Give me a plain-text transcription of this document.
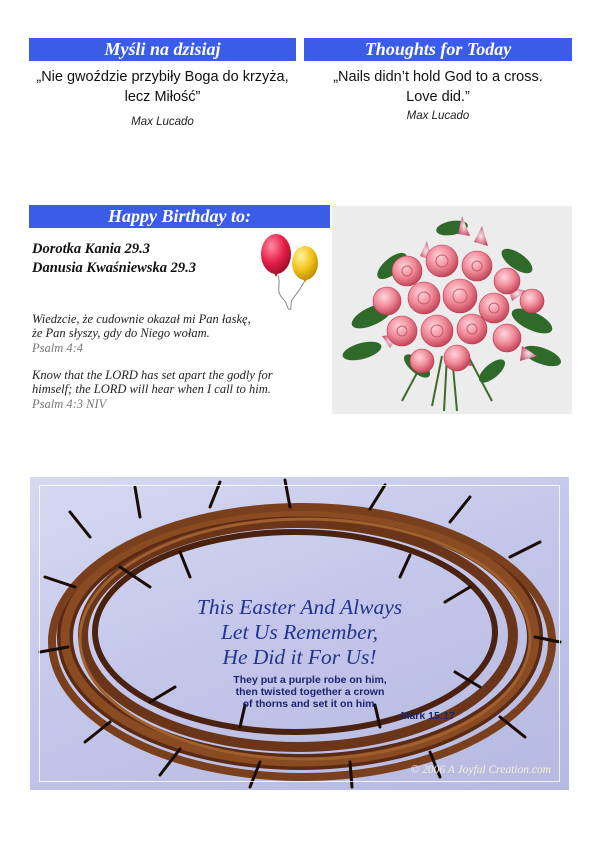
Myśli na dzisiaj
„Nie gwoździe przybiły Boga do krzyża,
lecz Miłość”
Max Lucado
Thoughts for Today
„Nails didn’t hold God to a cross.
Love did.”
Max Lucado
Happy Birthday to:
Dorotka Kania 29.3
Danusia Kwaśniewska 29.3
Wiedzcie, że cudownie okazał mi Pan łaskę,
że Pan słyszy, gdy do Niego wołam.
Psalm 4:4
Know that the LORD has set apart the godly for
himself; the LORD will hear when I call to him.
Psalm 4:3 NIV
This Easter And Always
Let Us Remember,
He Did it For Us!
They put a purple robe on him,
then twisted together a crown
of thorns and set it on him.
Mark 15:17
© 2006 A Joyful Creation.com
